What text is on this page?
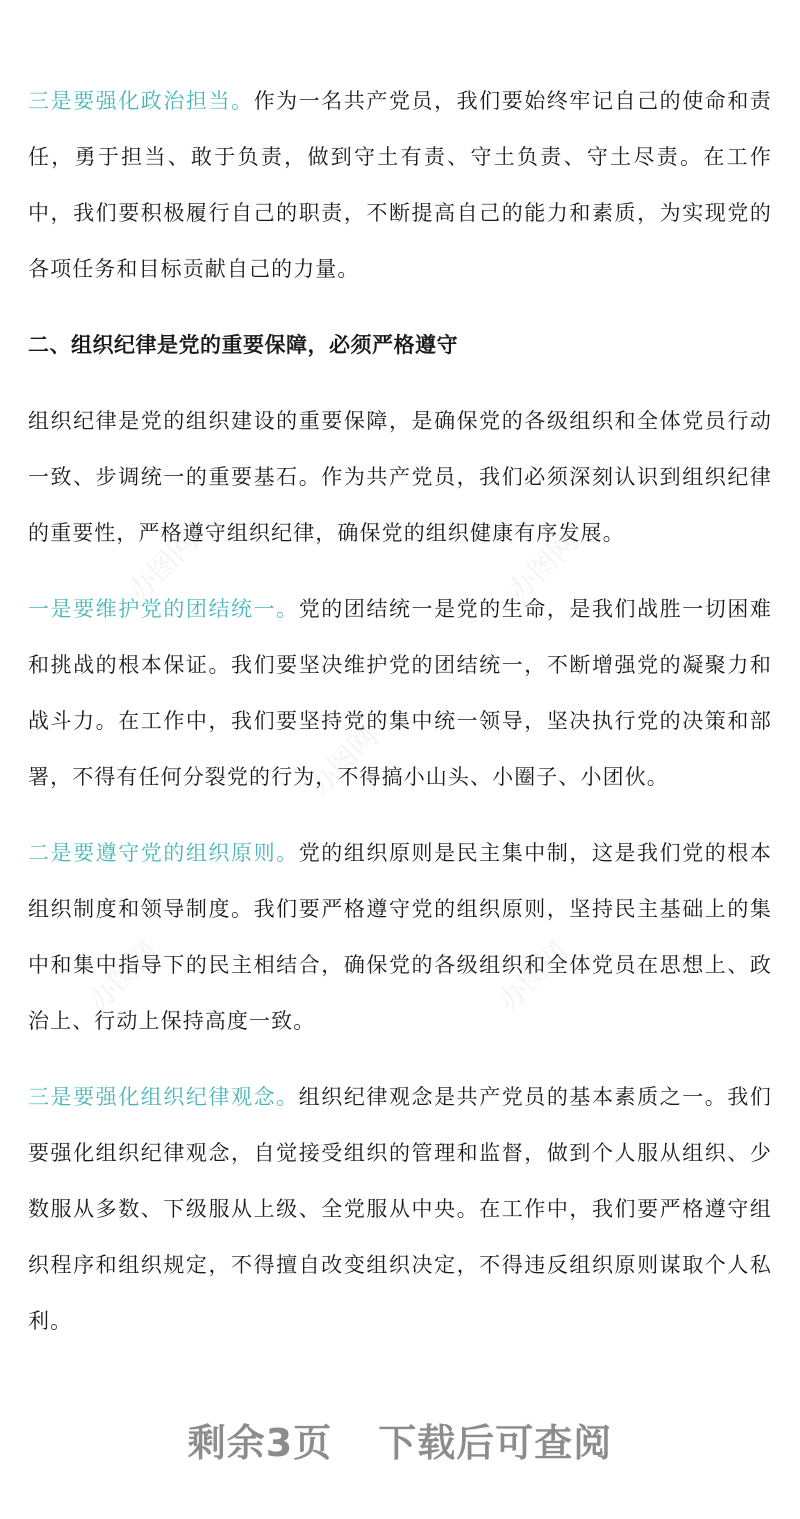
办图网	办图网
办图网
办图网	办图网

三是要强化政治担当。作为一名共产党员，我们要始终牢记自己的使命和责任，勇于担当、敢于负责，做到守土有责、守土负责、守土尽责。在工作中，我们要积极履行自己的职责，不断提高自己的能力和素质，为实现党的各项任务和目标贡献自己的力量。

二、组织纪律是党的重要保障，必须严格遵守

组织纪律是党的组织建设的重要保障，是确保党的各级组织和全体党员行动一致、步调统一的重要基石。作为共产党员，我们必须深刻认识到组织纪律的重要性，严格遵守组织纪律，确保党的组织健康有序发展。

一是要维护党的团结统一。党的团结统一是党的生命，是我们战胜一切困难和挑战的根本保证。我们要坚决维护党的团结统一，不断增强党的凝聚力和战斗力。在工作中，我们要坚持党的集中统一领导，坚决执行党的决策和部署，不得有任何分裂党的行为，不得搞小山头、小圈子、小团伙。

二是要遵守党的组织原则。党的组织原则是民主集中制，这是我们党的根本组织制度和领导制度。我们要严格遵守党的组织原则，坚持民主基础上的集中和集中指导下的民主相结合，确保党的各级组织和全体党员在思想上、政治上、行动上保持高度一致。

三是要强化组织纪律观念。组织纪律观念是共产党员的基本素质之一。我们要强化组织纪律观念，自觉接受组织的管理和监督，做到个人服从组织、少数服从多数、下级服从上级、全党服从中央。在工作中，我们要严格遵守组织程序和组织规定，不得擅自改变组织决定，不得违反组织原则谋取个人私利。

剩余3页 下载后可查阅
